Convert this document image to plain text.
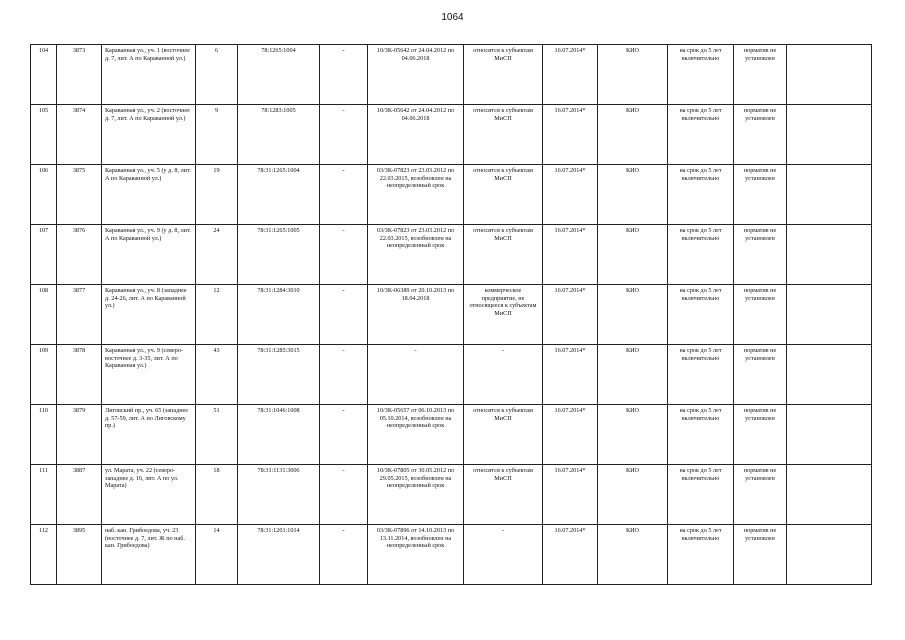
1064
104	3873	Караванная ул., уч. 1 (восточнее д. 7, лит. А по Караванной ул.)	6	78:1265:1004	-	10/ЗК-05642 от 24.04.2012 по 04.06.2018	относится к субъектам МиСП	16.07.2014*	КИО	на срок до 5 лет включительно	норматив не установлен	
105	3874	Караванная ул., уч. 2 (восточнее д. 7, лит. А по Караванной ул.)	9	78:1283:1005	-	10/ЗК-05642 от 24.04.2012 по 04.06.2018	относится к субъектам МиСП	16.07.2014*	КИО	на срок до 5 лет включительно	норматив не установлен	
106	3875	Караванная ул., уч. 5 (у д. 8, лит. А по Караванной ул.)	19	78:31:1265:1004	-	03/ЗК-07823 от 23.03.2012 по 22.03.2015, возобновлен на неопределенный срок	относится к субъектам МиСП	16.07.2014*	КИО	на срок до 5 лет включительно	норматив не установлен	
107	3876	Караванная ул., уч. 9 (у д. 8, лит. А по Караванной ул.)	24	78:31:1265:1005	-	03/ЗК-07823 от 23.03.2012 по 22.03.2015, возобновлен на неопределенный срок	относится к субъектам МиСП	16.07.2014*	КИО	на срок до 5 лет включительно	норматив не установлен	
108	3877	Караванная ул., уч. 8 (западнее д. 24-26, лит. А по Караванной ул.)	12	78:31:1284:3010	-	10/ЗК-06389 от 20.10.2013 по 18.04.2018	коммерческое предприятие, не относящееся к субъектам МиСП	16.07.2014*	КИО	на срок до 5 лет включительно	норматив не установлен	
109	3878	Караванная ул., уч. 9 (северо-восточнее д. 3-35, лит. А по Караванная ул.)	43	78:31:1285:3015	-	-	-	16.07.2014*	КИО	на срок до 5 лет включительно	норматив не установлен	
110	3879	Лиговский пр., уч. 65 (западнее д. 57-59, лит. А по Лиговскому пр.)	51	78:31:1046:1008	-	10/ЗК-05657 от 06.10.2013 по 05.10.2014, возобновлен на неопределенный срок	относится к субъектам МиСП	16.07.2014*	КИО	на срок до 5 лет включительно	норматив не установлен	
111	3887	ул. Марата, уч. 22 (северо-западнее д. 16, лит. А по ул. Марата)	18	78:31:1131:3006	-	10/ЗК-07805 от 30.05.2012 по 29.05.2015, возобновлен на неопределенный срок	относится к субъектам МиСП	16.07.2014*	КИО	на срок до 5 лет включительно	норматив не установлен	
112	3895	наб. кан. Грибоедова, уч. 23 (восточнее д. 7, лит. Ж по наб. кан. Грибоедова)	14	78:31:1201:1014	-	03/ЗК-07896 от 14.10.2013 по 13.11.2014, возобновлен на неопределенный срок	-	16.07.2014*	КИО	на срок до 5 лет включительно	норматив не установлен	
